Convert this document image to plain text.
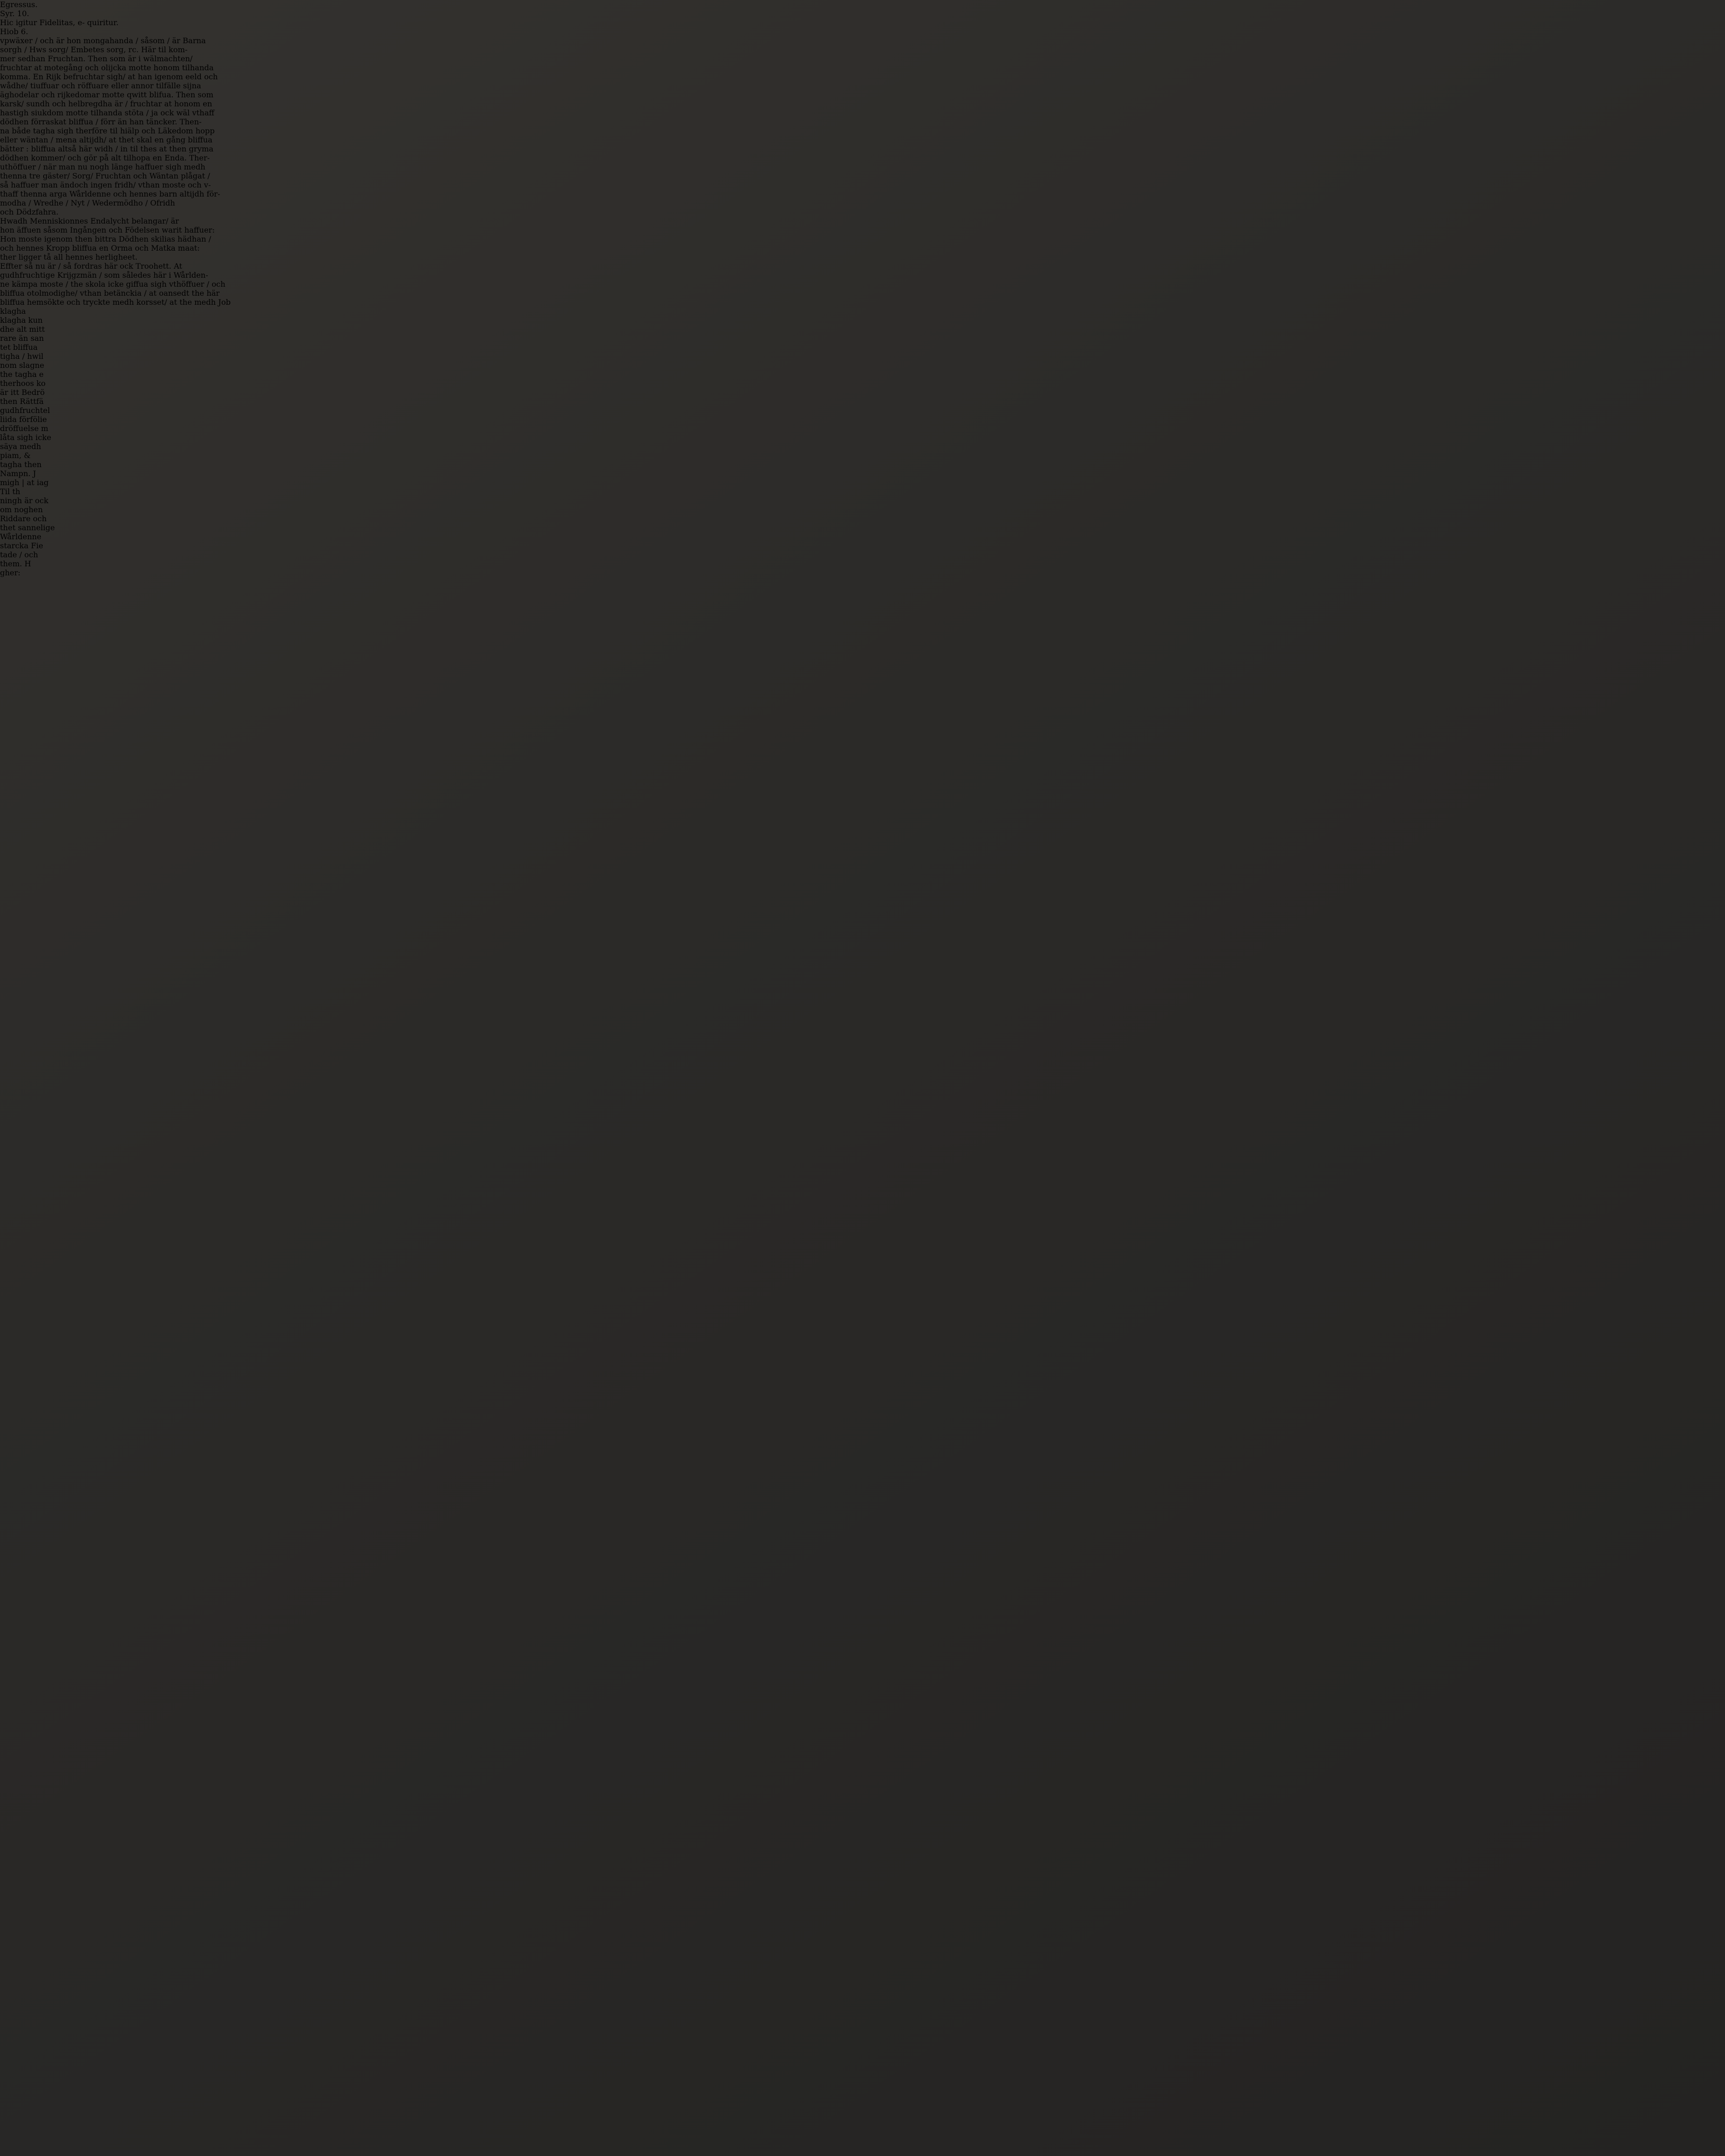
Egressus.
Syr. 10.
Hic igitur Fidelitas, e- quiritur.
Hiob 6.
vpwäxer / och är hon mongahanda / såsom / är Barna
sorgh / Hws sorg/ Embetes sorg, rc. Här til kom-
mer sedhan Fruchtan. Then som är i wälmachten/
fruchtar at motegång och olijcka motte honom tilhanda
komma. En Rijk befruchtar sigh/ at han igenom eeld och
wådhe/ tiuffuar och röffuare eller annor tilfälle sijna
äghodelar och rijkedomar motte qwitt blifua. Then som
karsk/ sundh och helbregdha är / fruchtar at honom en
hastigh siukdom motte tilhanda stöta / ja ock wäl vthaff
dödhen förraskat bliffua / förr än han täncker. Then-
na både tagha sigh therföre til hiälp och Läkedom hopp
eller wäntan / mena altijdh/ at thet skal en gång bliffua
bätter : bliffua altså här widh / in til thes at then gryma
dödhen kommer/ och gör på alt tilhopa en Enda. Ther-
uthöffuer / när man nu nogh länge haffuer sigh medh
thenna tre gäster/ Sorg/ Fruchtan och Wäntan plågat /
så haffuer man ändoch ingen fridh/ vthan moste och v-
thaff thenna arga Wårldenne och hennes barn altijdh för-
modha / Wredhe / Nyt / Wedermödho / Ofridh
och Dödzfahra.
Hwadh Menniskionnes Endalycht belangar/ är
hon äffuen såsom Ingången och Födelsen warit haffuer:
Hon moste igenom then bittra Dödhen skilias hädhan /
och hennes Kropp bliffua en Orma och Matka maat:
ther ligger tå all hennes herligheet.
Effter så nu är / så fordras här ock Troohett. At
gudhfruchtige Krijgzmän / som således här i Wårlden-
ne kämpa moste / the skola icke giffua sigh vthöffuer / och
bliffua otolmodighe/ vthan betänckia / at oansedt the här
bliffua hemsökte och tryckte medh korsset/ at the medh Job
klagha
klagha kun
dhe alt mitt
rare än san
tet bliffua
tigha / hwil
nom slagne
the tagha e
therhoos ko
är itt Bedrö
then Rättfä
gudhfruchtel
liida förfölie
dröffuelse m
låta sigh icke
säya medh
piam, &
tagha then
Nampn. J
migh | at iag
Til th
ningh är ock
om noghen
Riddare och
thet sannelige
Wårldenne
starcka Fie
tade / och
them. H
gher:
